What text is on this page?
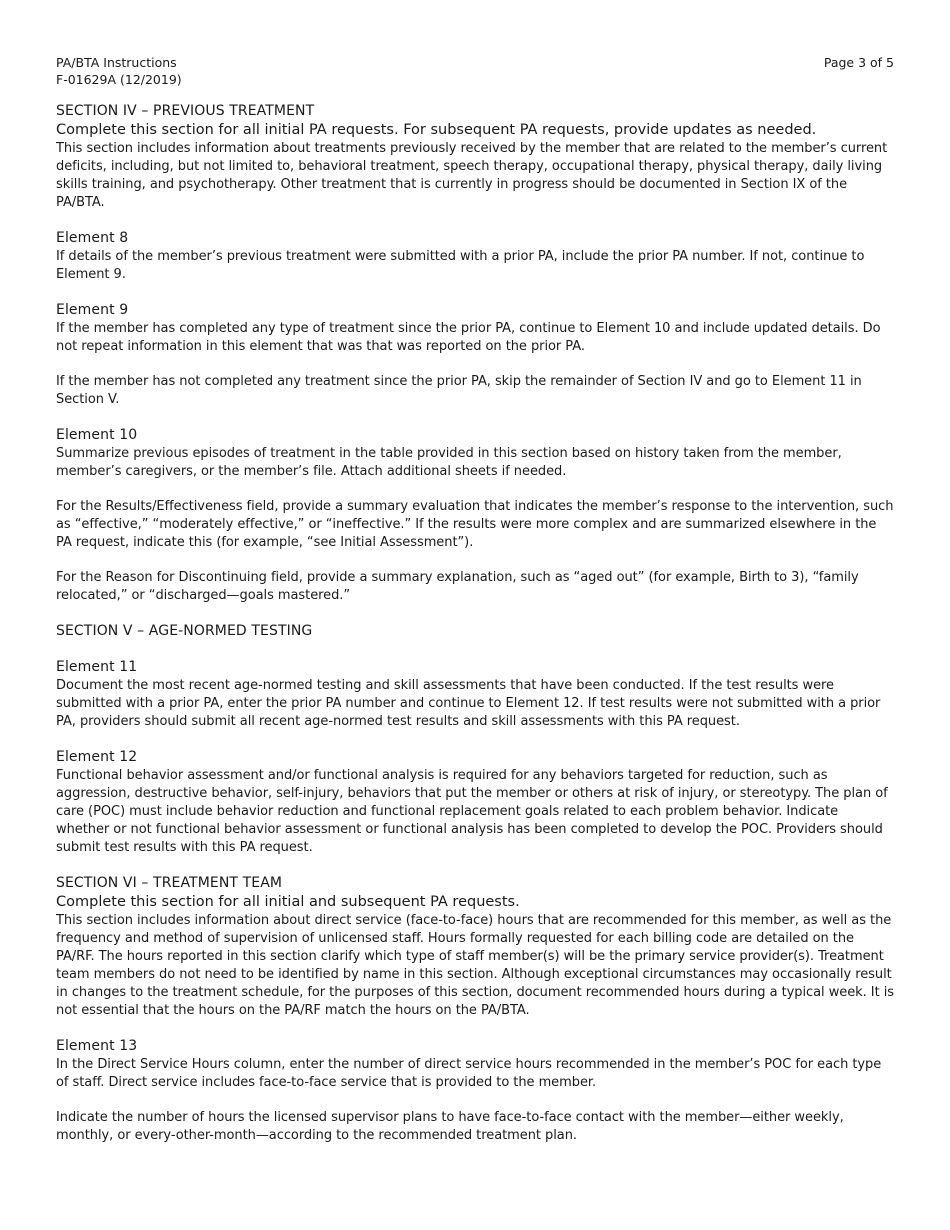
PA/BTA Instructions
F-01629A (12/2019)
Page 3 of 5
SECTION IV – PREVIOUS TREATMENT
Complete this section for all initial PA requests. For subsequent PA requests, provide updates as needed.
This section includes information about treatments previously received by the member that are related to the member’s current deficits, including, but not limited to, behavioral treatment, speech therapy, occupational therapy, physical therapy, daily living skills training, and psychotherapy. Other treatment that is currently in progress should be documented in Section IX of the PA/BTA.
Element 8
If details of the member’s previous treatment were submitted with a prior PA, include the prior PA number. If not, continue to Element 9.
Element 9
If the member has completed any type of treatment since the prior PA, continue to Element 10 and include updated details. Do not repeat information in this element that was that was reported on the prior PA.
If the member has not completed any treatment since the prior PA, skip the remainder of Section IV and go to Element 11 in Section V.
Element 10
Summarize previous episodes of treatment in the table provided in this section based on history taken from the member, member’s caregivers, or the member’s file. Attach additional sheets if needed.
For the Results/Effectiveness field, provide a summary evaluation that indicates the member’s response to the intervention, such as “effective,” “moderately effective,” or “ineffective.” If the results were more complex and are summarized elsewhere in the PA request, indicate this (for example, “see Initial Assessment”).
For the Reason for Discontinuing field, provide a summary explanation, such as “aged out” (for example, Birth to 3), “family relocated,” or “discharged—goals mastered.”
SECTION V – AGE-NORMED TESTING
Element 11
Document the most recent age-normed testing and skill assessments that have been conducted. If the test results were submitted with a prior PA, enter the prior PA number and continue to Element 12. If test results were not submitted with a prior PA, providers should submit all recent age-normed test results and skill assessments with this PA request.
Element 12
Functional behavior assessment and/or functional analysis is required for any behaviors targeted for reduction, such as aggression, destructive behavior, self-injury, behaviors that put the member or others at risk of injury, or stereotypy. The plan of care (POC) must include behavior reduction and functional replacement goals related to each problem behavior. Indicate whether or not functional behavior assessment or functional analysis has been completed to develop the POC. Providers should submit test results with this PA request.
SECTION VI – TREATMENT TEAM
Complete this section for all initial and subsequent PA requests.
This section includes information about direct service (face-to-face) hours that are recommended for this member, as well as the frequency and method of supervision of unlicensed staff. Hours formally requested for each billing code are detailed on the PA/RF. The hours reported in this section clarify which type of staff member(s) will be the primary service provider(s). Treatment team members do not need to be identified by name in this section. Although exceptional circumstances may occasionally result in changes to the treatment schedule, for the purposes of this section, document recommended hours during a typical week. It is not essential that the hours on the PA/RF match the hours on the PA/BTA.
Element 13
In the Direct Service Hours column, enter the number of direct service hours recommended in the member’s POC for each type of staff. Direct service includes face-to-face service that is provided to the member.
Indicate the number of hours the licensed supervisor plans to have face-to-face contact with the member—either weekly, monthly, or every-other-month—according to the recommended treatment plan.
